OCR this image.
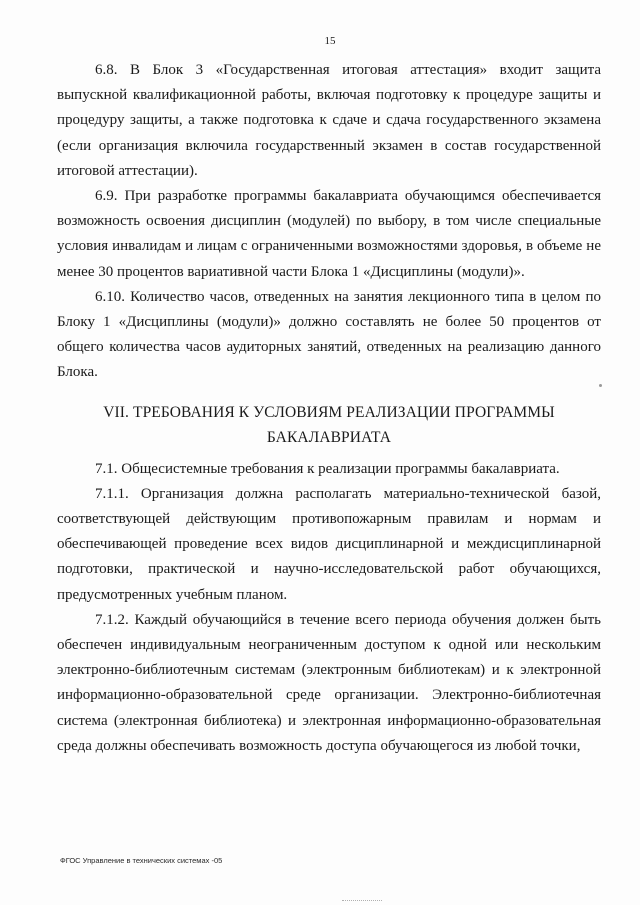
15

6.8. В Блок 3 «Государственная итоговая аттестация» входит защита выпускной квалификационной работы, включая подготовку к процедуре защиты и процедуру защиты, а также подготовка к сдаче и сдача государственного экзамена (если организация включила государственный экзамен в состав государственной итоговой аттестации).

6.9. При разработке программы бакалавриата обучающимся обеспечивается возможность освоения дисциплин (модулей) по выбору, в том числе специальные условия инвалидам и лицам с ограниченными возможностями здоровья, в объеме не менее 30 процентов вариативной части Блока 1 «Дисциплины (модули)».

6.10. Количество часов, отведенных на занятия лекционного типа в целом по Блоку 1 «Дисциплины (модули)» должно составлять не более 50 процентов от общего количества часов аудиторных занятий, отведенных на реализацию данного Блока.

VII. ТРЕБОВАНИЯ К УСЛОВИЯМ РЕАЛИЗАЦИИ ПРОГРАММЫ
БАКАЛАВРИАТА

7.1. Общесистемные требования к реализации программы бакалавриата.

7.1.1. Организация должна располагать материально-технической базой, соответствующей действующим противопожарным правилам и нормам и обеспечивающей проведение всех видов дисциплинарной и междисциплинарной подготовки, практической и научно-исследовательской работ обучающихся, предусмотренных учебным планом.

7.1.2. Каждый обучающийся в течение всего периода обучения должен быть обеспечен индивидуальным неограниченным доступом к одной или нескольким электронно-библиотечным системам (электронным библиотекам) и к электронной информационно-образовательной среде организации. Электронно-библиотечная система (электронная библиотека) и электронная информационно-образовательная среда должны обеспечивать возможность доступа обучающегося из любой точки,

ФГОС Управление в технических системах -05
